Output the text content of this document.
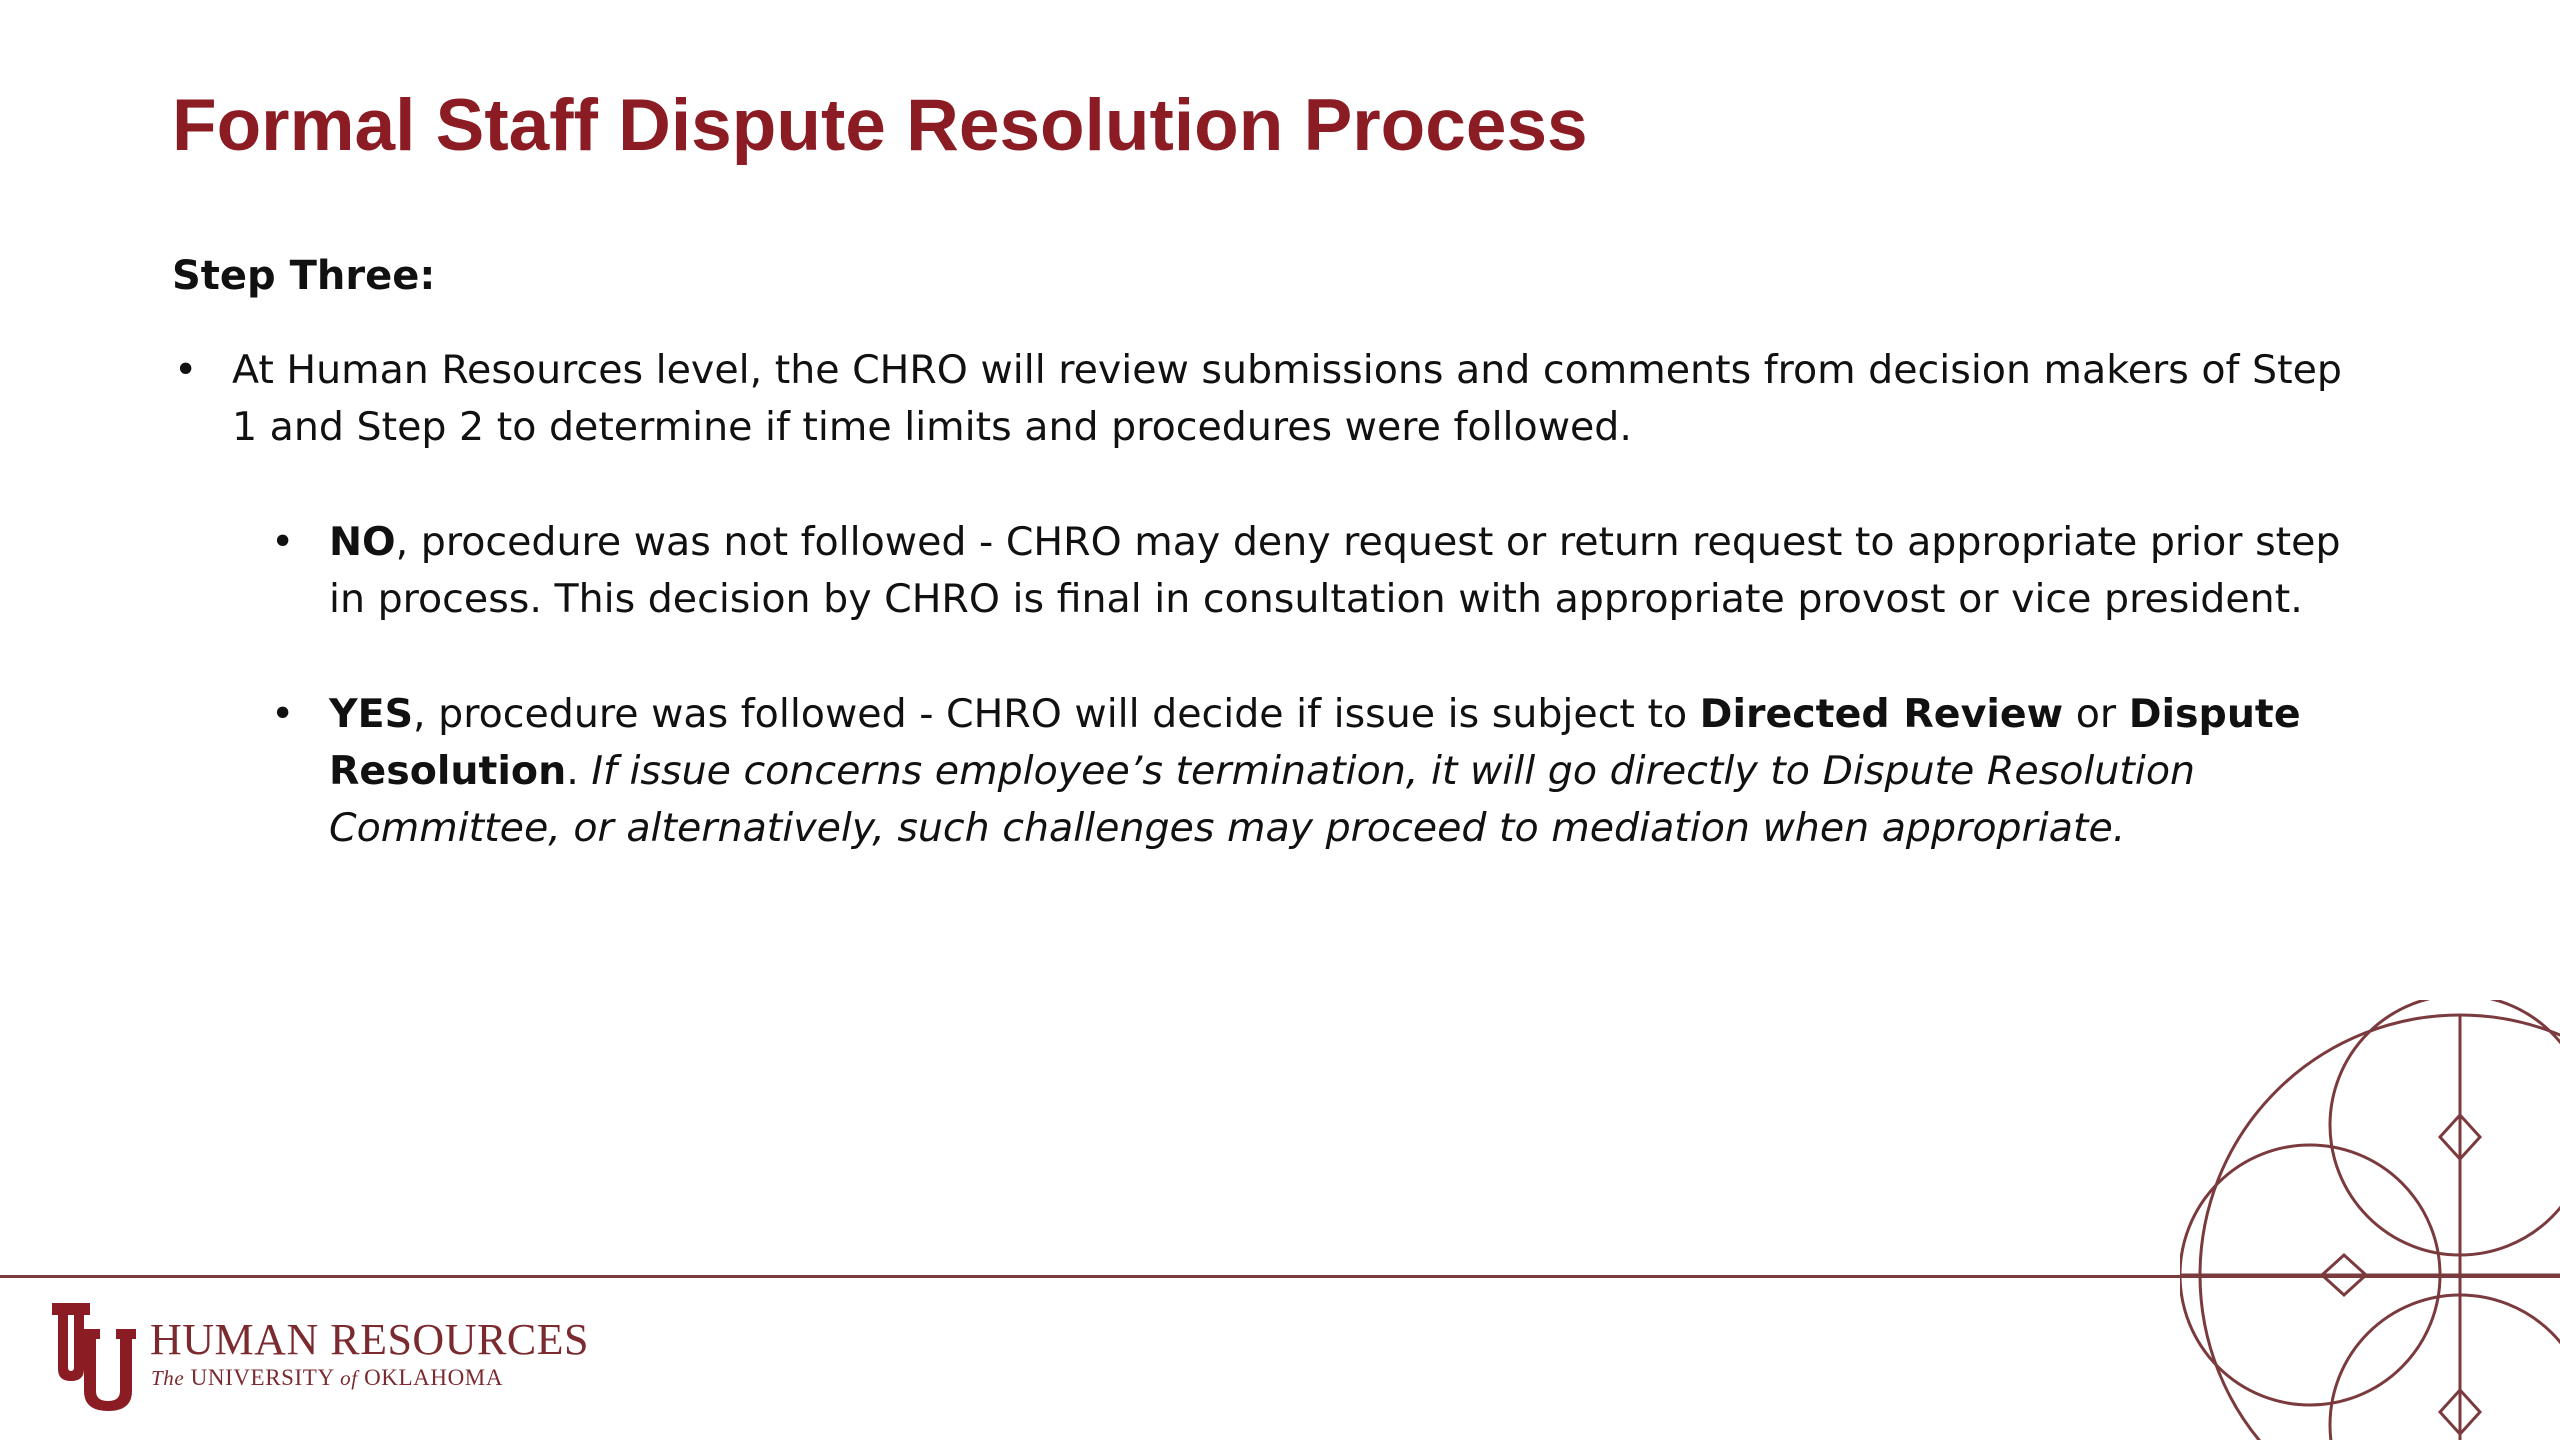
Formal Staff Dispute Resolution Process

Step Three:

• At Human Resources level, the CHRO will review submissions and comments from decision makers of Step 1 and Step 2 to determine if time limits and procedures were followed.

• NO, procedure was not followed - CHRO may deny request or return request to appropriate prior step in process. This decision by CHRO is final in consultation with appropriate provost or vice president.

• YES, procedure was followed - CHRO will decide if issue is subject to Directed Review or Dispute Resolution. If issue concerns employee’s termination, it will go directly to Dispute Resolution Committee, or alternatively, such challenges may proceed to mediation when appropriate.

HUMAN RESOURCES
The UNIVERSITY of OKLAHOMA
